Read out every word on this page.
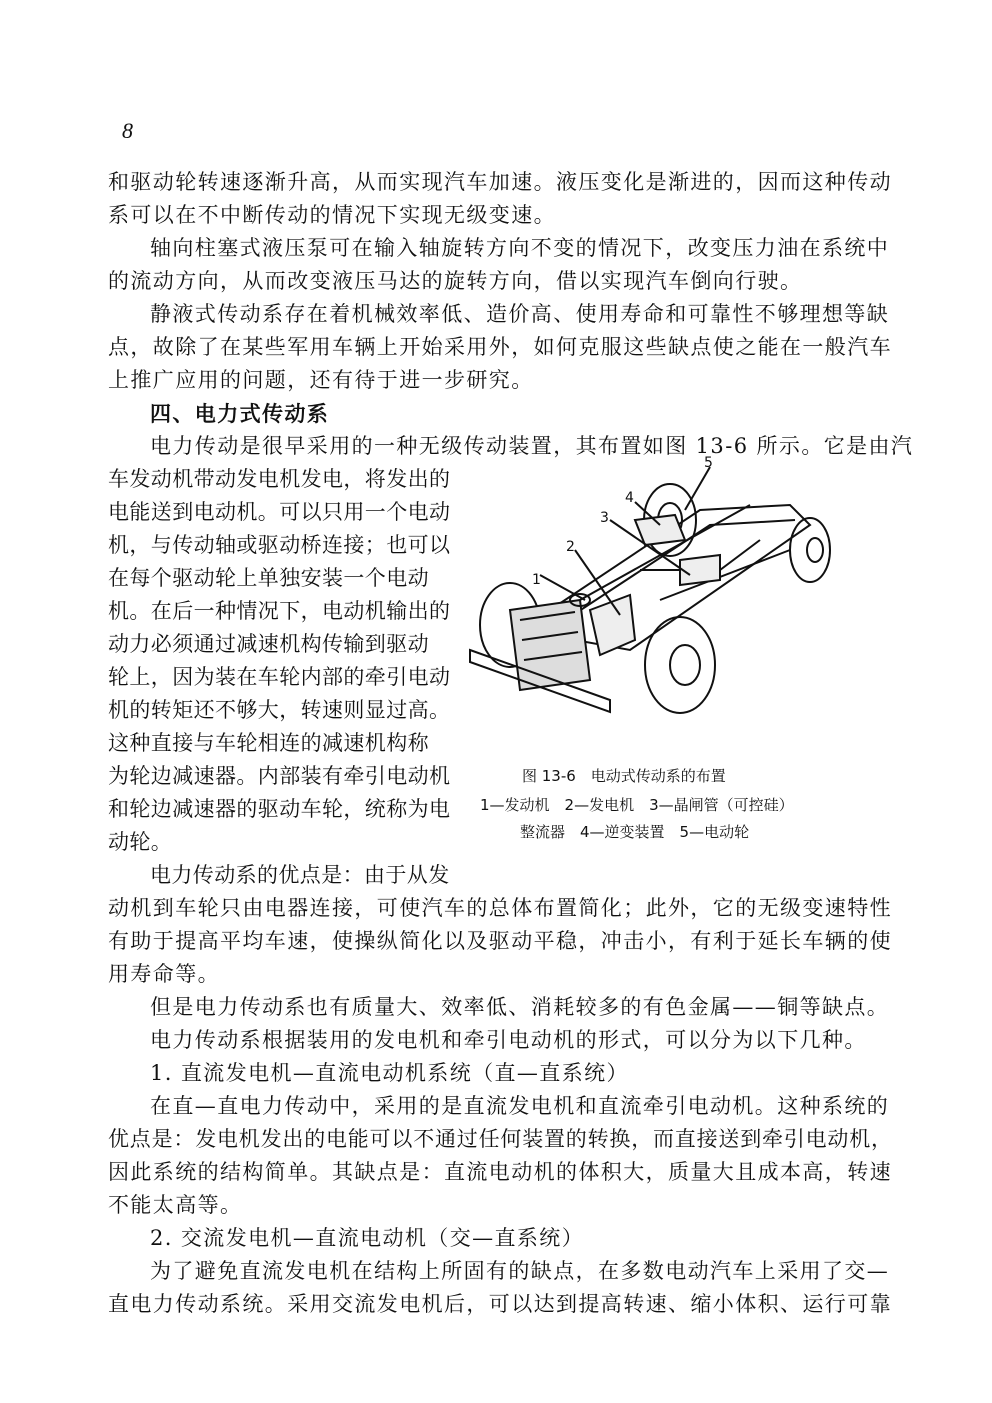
8
和驱动轮转速逐渐升高，从而实现汽车加速。液压变化是渐进的，因而这种传动
系可以在不中断传动的情况下实现无级变速。
轴向柱塞式液压泵可在输入轴旋转方向不变的情况下，改变压力油在系统中
的流动方向，从而改变液压马达的旋转方向，借以实现汽车倒向行驶。
静液式传动系存在着机械效率低、造价高、使用寿命和可靠性不够理想等缺
点，故除了在某些军用车辆上开始采用外，如何克服这些缺点使之能在一般汽车
上推广应用的问题，还有待于进一步研究。
四、电力式传动系
电力传动是很早采用的一种无级传动装置，其布置如图 13-6 所示。它是由汽
车发动机带动发电机发电，将发出的
电能送到电动机。可以只用一个电动
机，与传动轴或驱动桥连接；也可以
在每个驱动轮上单独安装一个电动
机。在后一种情况下，电动机输出的
动力必须通过减速机构传输到驱动
轮上，因为装在车轮内部的牵引电动
机的转矩还不够大，转速则显过高。
这种直接与车轮相连的减速机构称
为轮边减速器。内部装有牵引电动机
和轮边减速器的驱动车轮，统称为电
动轮。
电力传动系的优点是：由于从发
1
2
3
4
5
图 13-6　电动式传动系的布置
1—发动机　2—发电机　3—晶闸管（可控硅）
整流器　4—逆变装置　5—电动轮
动机到车轮只由电器连接，可使汽车的总体布置简化；此外，它的无级变速特性
有助于提高平均车速，使操纵简化以及驱动平稳，冲击小，有利于延长车辆的使
用寿命等。
但是电力传动系也有质量大、效率低、消耗较多的有色金属——铜等缺点。
电力传动系根据装用的发电机和牵引电动机的形式，可以分为以下几种。
1. 直流发电机—直流电动机系统（直—直系统）
在直—直电力传动中，采用的是直流发电机和直流牵引电动机。这种系统的
优点是：发电机发出的电能可以不通过任何装置的转换，而直接送到牵引电动机，
因此系统的结构简单。其缺点是：直流电动机的体积大，质量大且成本高，转速
不能太高等。
2. 交流发电机—直流电动机（交—直系统）
为了避免直流发电机在结构上所固有的缺点，在多数电动汽车上采用了交—
直电力传动系统。采用交流发电机后，可以达到提高转速、缩小体积、运行可靠
